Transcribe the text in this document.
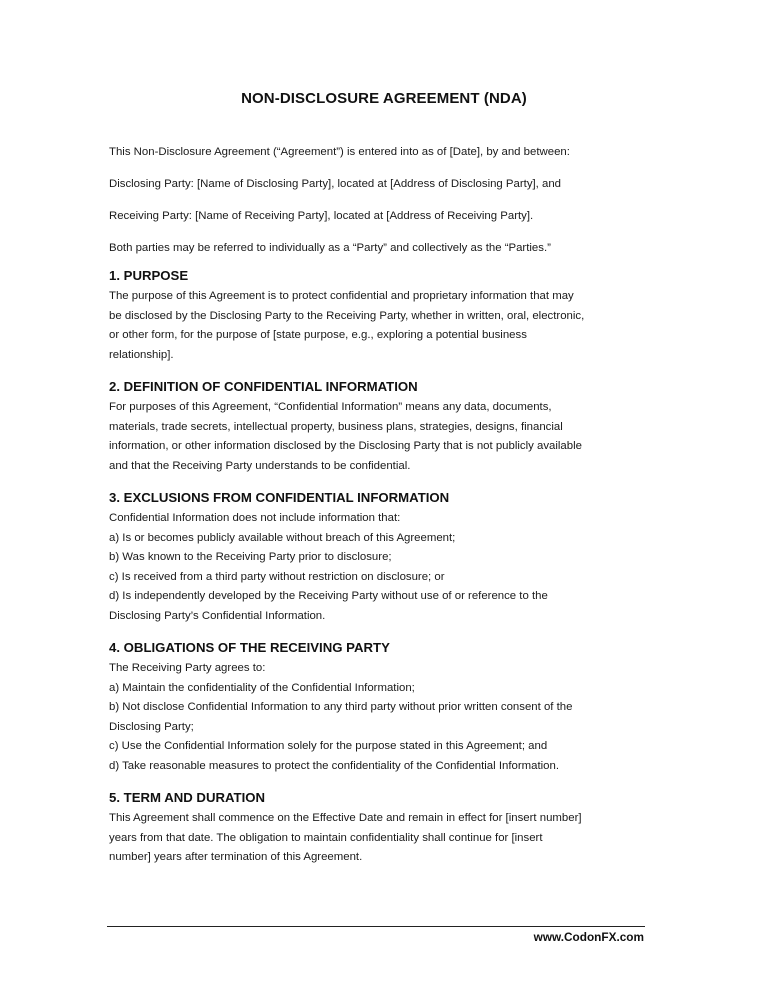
NON-DISCLOSURE AGREEMENT (NDA)

This Non-Disclosure Agreement (“Agreement”) is entered into as of [Date], by and between:

Disclosing Party: [Name of Disclosing Party], located at [Address of Disclosing Party], and

Receiving Party: [Name of Receiving Party], located at [Address of Receiving Party].

Both parties may be referred to individually as a “Party” and collectively as the “Parties.”

1. PURPOSE

The purpose of this Agreement is to protect confidential and proprietary information that may
be disclosed by the Disclosing Party to the Receiving Party, whether in written, oral, electronic,
or other form, for the purpose of [state purpose, e.g., exploring a potential business
relationship].

2. DEFINITION OF CONFIDENTIAL INFORMATION

For purposes of this Agreement, “Confidential Information” means any data, documents,
materials, trade secrets, intellectual property, business plans, strategies, designs, financial
information, or other information disclosed by the Disclosing Party that is not publicly available
and that the Receiving Party understands to be confidential.

3. EXCLUSIONS FROM CONFIDENTIAL INFORMATION

Confidential Information does not include information that:
a) Is or becomes publicly available without breach of this Agreement;
b) Was known to the Receiving Party prior to disclosure;
c) Is received from a third party without restriction on disclosure; or
d) Is independently developed by the Receiving Party without use of or reference to the
Disclosing Party’s Confidential Information.

4. OBLIGATIONS OF THE RECEIVING PARTY

The Receiving Party agrees to:
a) Maintain the confidentiality of the Confidential Information;
b) Not disclose Confidential Information to any third party without prior written consent of the
Disclosing Party;
c) Use the Confidential Information solely for the purpose stated in this Agreement; and
d) Take reasonable measures to protect the confidentiality of the Confidential Information.

5. TERM AND DURATION

This Agreement shall commence on the Effective Date and remain in effect for [insert number]
years from that date. The obligation to maintain confidentiality shall continue for [insert
number] years after termination of this Agreement.

www.CodonFX.com
